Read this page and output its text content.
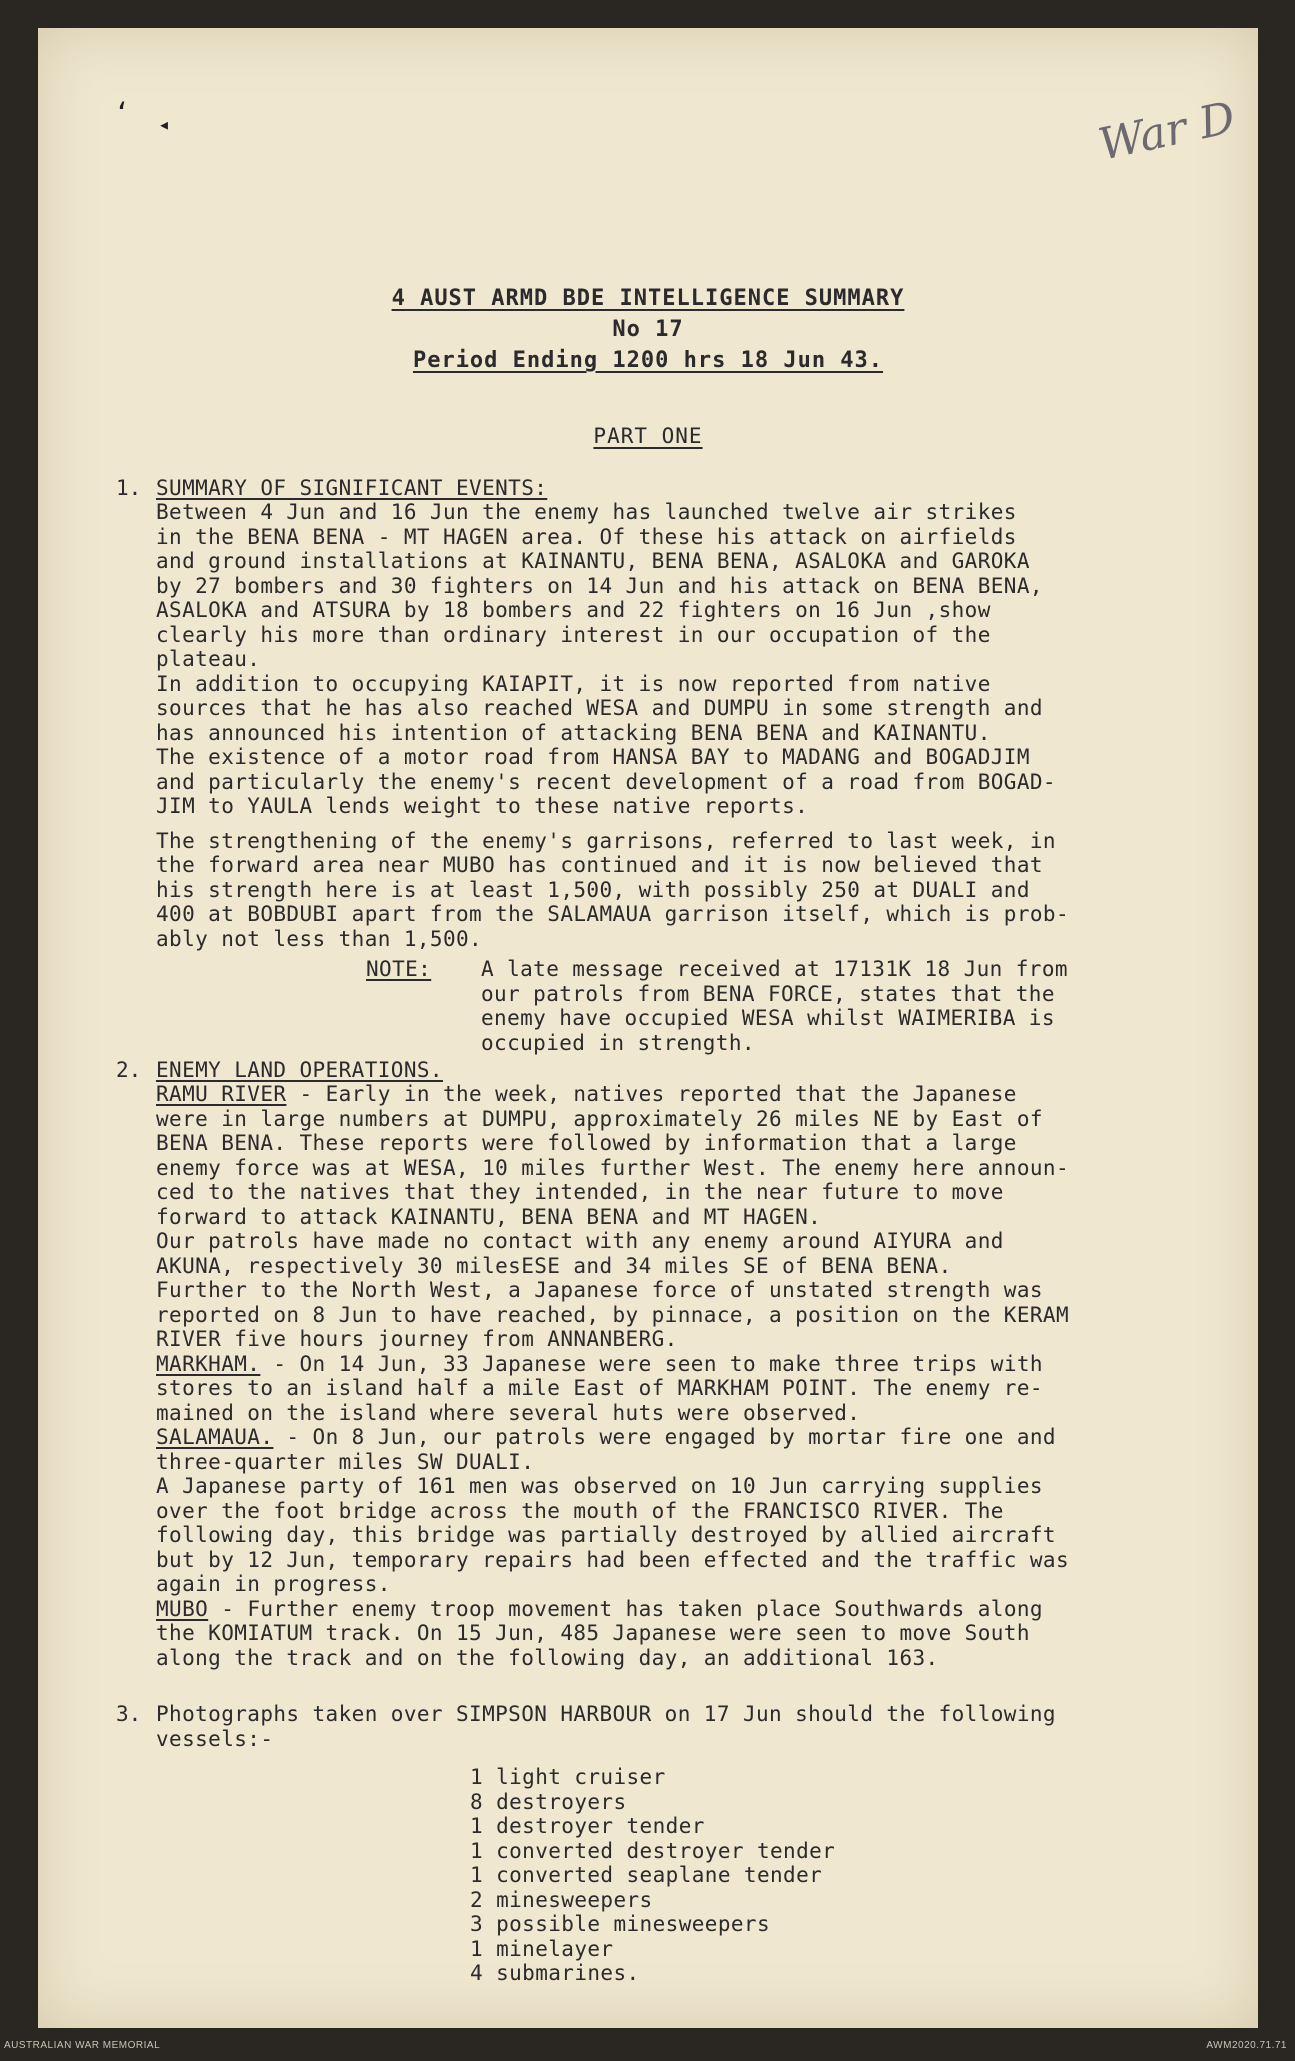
War D
ʻ ◂
4 AUST ARMD BDE INTELLIGENCE SUMMARY
No 17
Period Ending 1200 hrs 18 Jun 43.
PART ONE
1. SUMMARY OF SIGNIFICANT EVENTS:
Between 4 Jun and 16 Jun the enemy has launched twelve air strikes
in the BENA BENA - MT HAGEN area. Of these his attack on airfields
and ground installations at KAINANTU, BENA BENA, ASALOKA and GAROKA
by 27 bombers and 30 fighters on 14 Jun and his attack on BENA BENA,
ASALOKA and ATSURA by 18 bombers and 22 fighters on 16 Jun ,show
clearly his more than ordinary interest in our occupation of the
plateau.
In addition to occupying KAIAPIT, it is now reported from native
sources that he has also reached WESA and DUMPU in some strength and
has announced his intention of attacking BENA BENA and KAINANTU.
The existence of a motor road from HANSA BAY to MADANG and BOGADJIM
and particularly the enemy's recent development of a road from BOGAD-
JIM to YAULA lends weight to these native reports.
The strengthening of the enemy's garrisons, referred to last week, in
the forward area near MUBO has continued and it is now believed that
his strength here is at least 1,500, with possibly 250 at DUALI and
400 at BOBDUBI apart from the SALAMAUA garrison itself, which is prob-
ably not less than 1,500.
NOTE: A late message received at 17131K 18 Jun from
our patrols from BENA FORCE, states that the
enemy have occupied WESA whilst WAIMERIBA is
occupied in strength.
2. ENEMY LAND OPERATIONS.
RAMU RIVER - Early in the week, natives reported that the Japanese
were in large numbers at DUMPU, approximately 26 miles NE by East of
BENA BENA. These reports were followed by information that a large
enemy force was at WESA, 10 miles further West. The enemy here announ-
ced to the natives that they intended, in the near future to move
forward to attack KAINANTU, BENA BENA and MT HAGEN.
Our patrols have made no contact with any enemy around AIYURA and
AKUNA, respectively 30 milesESE and 34 miles SE of BENA BENA.
Further to the North West, a Japanese force of unstated strength was
reported on 8 Jun to have reached, by pinnace, a position on the KERAM
RIVER five hours journey from ANNANBERG.
MARKHAM. - On 14 Jun, 33 Japanese were seen to make three trips with
stores to an island half a mile East of MARKHAM POINT. The enemy re-
mained on the island where several huts were observed.
SALAMAUA. - On 8 Jun, our patrols were engaged by mortar fire one and
three-quarter miles SW DUALI.
A Japanese party of 161 men was observed on 10 Jun carrying supplies
over the foot bridge across the mouth of the FRANCISCO RIVER. The
following day, this bridge was partially destroyed by allied aircraft
but by 12 Jun, temporary repairs had been effected and the traffic was
again in progress.
MUBO - Further enemy troop movement has taken place Southwards along
the KOMIATUM track. On 15 Jun, 485 Japanese were seen to move South
along the track and on the following day, an additional 163.
3. Photographs taken over SIMPSON HARBOUR on 17 Jun should the following
vessels:-
1 light cruiser
8 destroyers
1 destroyer tender
1 converted destroyer tender
1 converted seaplane tender
2 minesweepers
3 possible minesweepers
1 minelayer
4 submarines.
AUSTRALIAN WAR MEMORIAL	AWM2020.71.71
